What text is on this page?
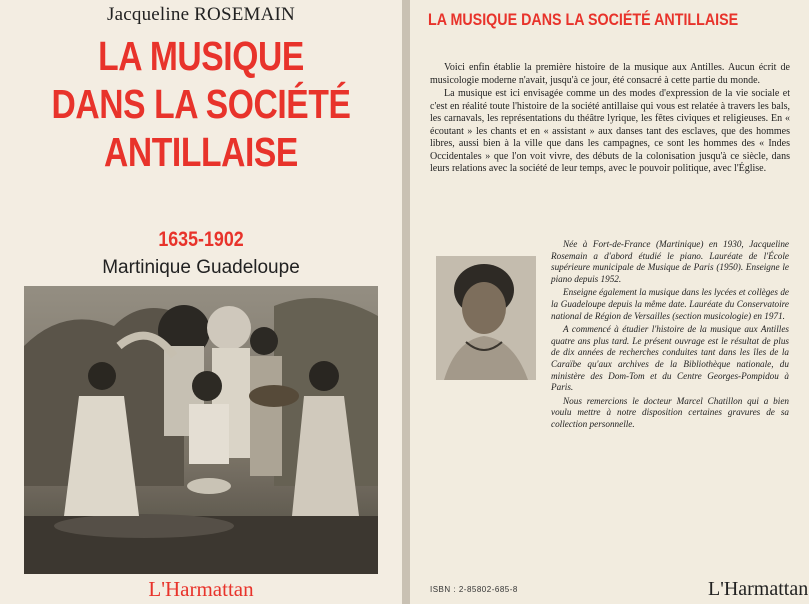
Jacqueline ROSEMAIN
LA MUSIQUE
DANS LA SOCIÉTÉ
ANTILLAISE
1635-1902
Martinique Guadeloupe
L'Harmattan
LA MUSIQUE DANS LA SOCIÉTÉ ANTILLAISE

Voici enfin établie la première histoire de la musique aux Antilles. Aucun écrit de musicologie moderne n'avait, jusqu'à ce jour, été consacré à cette partie du monde.

La musique est ici envisagée comme un des modes d'expression de la vie sociale et c'est en réalité toute l'histoire de la société antillaise qui vous est relatée à travers les bals, les carnavals, les représentations du théâtre lyrique, les fêtes civiques et religieuses. En « écoutant » les chants et en « assistant » aux danses tant des esclaves, que des hommes libres, aussi bien à la ville que dans les campagnes, ce sont les hommes des « Indes Occidentales » que l'on voit vivre, des débuts de la colonisation jusqu'à ce siècle, dans leurs relations avec la société de leur temps, avec le pouvoir politique, avec l'Église.

Née à Fort-de-France (Martinique) en 1930, Jacqueline Rosemain a d'abord étudié le piano. Lauréate de l'École supérieure municipale de Musique de Paris (1950). Enseigne le piano depuis 1952.

Enseigne également la musique dans les lycées et collèges de la Guadeloupe depuis la même date. Lauréate du Conservatoire national de Région de Versailles (section musicologie) en 1971.

A commencé à étudier l'histoire de la musique aux Antilles quatre ans plus tard. Le présent ouvrage est le résultat de plus de dix années de recherches conduites tant dans les îles de la Caraïbe qu'aux archives de la Bibliothèque nationale, du ministère des Dom-Tom et du Centre Georges-Pompidou à Paris.

Nous remercions le docteur Marcel Chatillon qui a bien voulu mettre à notre disposition certaines gravures de sa collection personnelle.

ISBN : 2-85802-685-8	L'Harmattan
